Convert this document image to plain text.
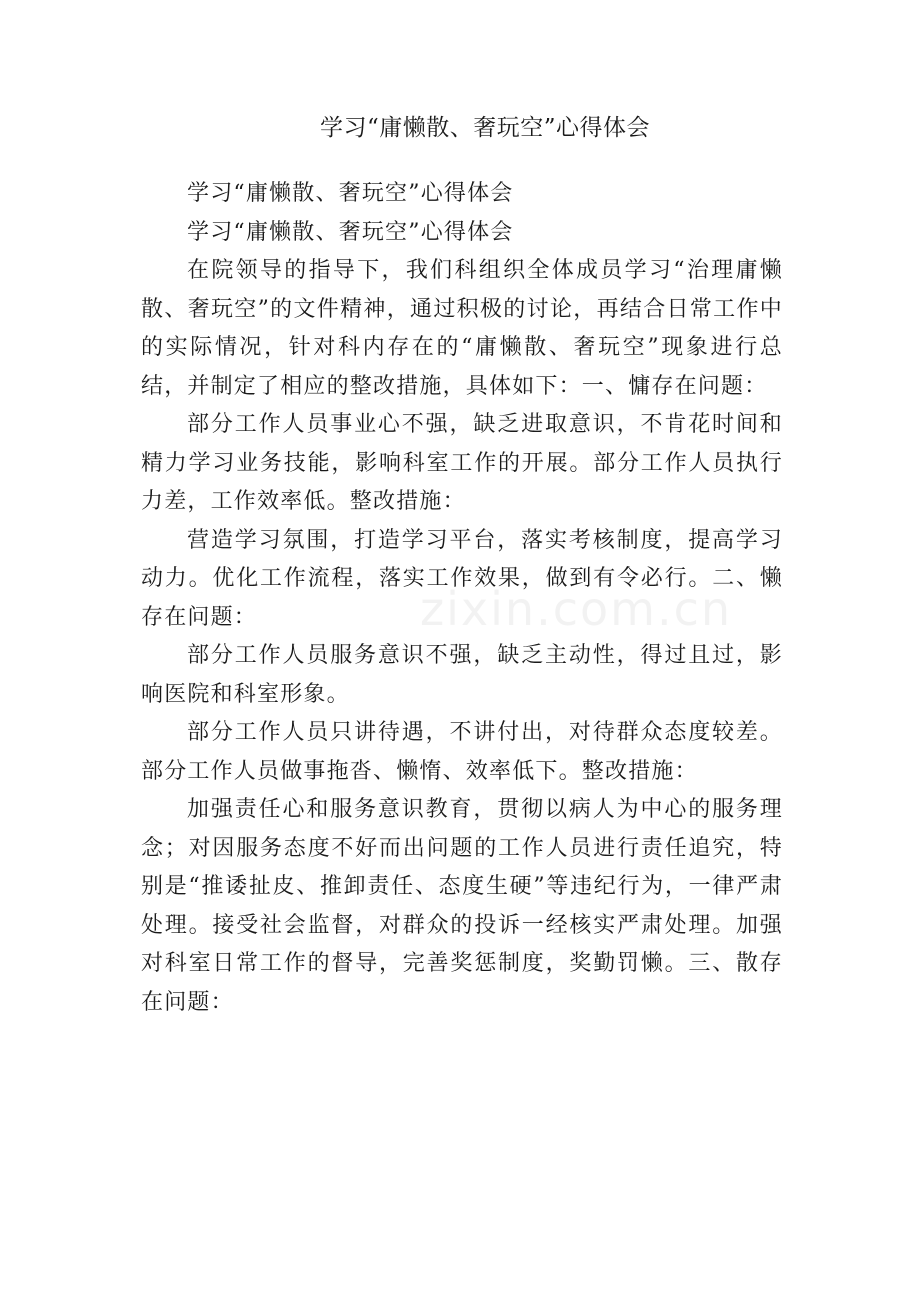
学习“庸懒散、奢玩空”心得体会

学习“庸懒散、奢玩空”心得体会

学习“庸懒散、奢玩空”心得体会

在院领导的指导下，我们科组织全体成员学习“治理庸懒散、奢玩空”的文件精神，通过积极的讨论，再结合日常工作中的实际情况，针对科内存在的“庸懒散、奢玩空”现象进行总结，并制定了相应的整改措施，具体如下：一、慵存在问题：

部分工作人员事业心不强，缺乏进取意识，不肯花时间和精力学习业务技能，影响科室工作的开展。部分工作人员执行力差，工作效率低。整改措施：

营造学习氛围，打造学习平台，落实考核制度，提高学习动力。优化工作流程，落实工作效果，做到有令必行。二、懒存在问题：

部分工作人员服务意识不强，缺乏主动性，得过且过，影响医院和科室形象。

部分工作人员只讲待遇，不讲付出，对待群众态度较差。部分工作人员做事拖沓、懒惰、效率低下。整改措施：

加强责任心和服务意识教育，贯彻以病人为中心的服务理念；对因服务态度不好而出问题的工作人员进行责任追究，特别是“推诿扯皮、推卸责任、态度生硬”等违纪行为，一律严肃处理。接受社会监督，对群众的投诉一经核实严肃处理。加强对科室日常工作的督导，完善奖惩制度，奖勤罚懒。三、散存在问题：

zixin.com.cn
